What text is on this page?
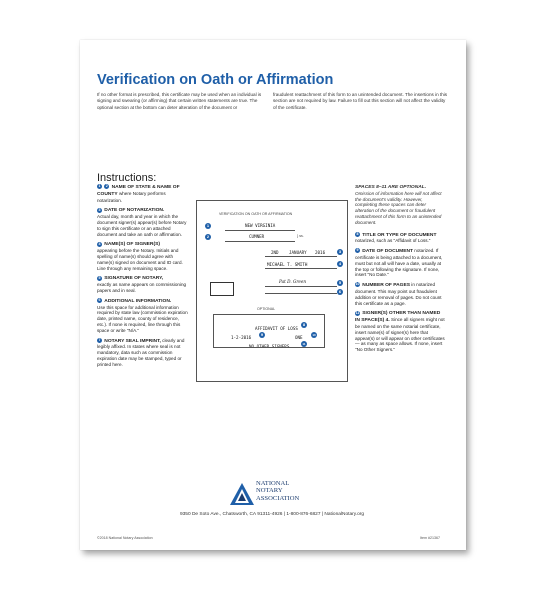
Verification on Oath or Affirmation
If no other format is prescribed, this certificate may be used when an individual is signing and swearing (or affirming) that certain written statements are true. The optional section at the bottom can deter alteration of the document or
fraudulent reattachment of this form to an unintended document. The insertions in this section are not required by law. Failure to fill out this section will not affect the validity of the certificate.
Instructions:
1 2 NAME OF STATE & NAME OF COUNTY where Notary performs notarization.
3 DATE OF NOTARIZATION.
Actual day, month and year in which the document signer(s) appear(s) before Notary to sign this certificate or an attached document and take an oath or affirmation.
4 NAME(S) OF SIGNER(S)
appearing before the Notary. Initials and spelling of name(s) should agree with name(s) signed on document and ID card. Line through any remaining space.
5 SIGNATURE OF NOTARY,
exactly as name appears on commissioning papers and in seal.
6 ADDITIONAL INFORMATION.
Use this space for additional information required by state law (commission expiration date, printed name, county of residence, etc.). If none is required, line through this space or write "N/A."
7 NOTARY SEAL IMPRINT, clearly and legibly affixed. In states where seal is not mandatory, data such as commission expiration date may be stamped, typed or printed here.
VERIFICATION ON OATH OR AFFIRMATION
1	NEW VIRGINIA
2	CUMNER	} ss.
2ND JANUARY 2016	3
MICHAEL T. SMITH	4
Pat D. Green	5
6
OPTIONAL
AFFIDAVIT OF LOSS
8
1-2-2016
9
ONE	10
NO OTHER SIGNERS	11
SPACES 8–11 ARE OPTIONAL. Omission of information here will not affect the document's validity. However, completing these spaces can deter alteration of the document or fraudulent reattachment of this form to an unintended document.
8 TITLE OR TYPE OF DOCUMENT notarized, such as "Affidavit of Loss."
9 DATE OF DOCUMENT notarized. If certificate is being attached to a document, must but not all will have a date, usually at the top or following the signature. If none, insert "No Date."
10 NUMBER OF PAGES in notarized document. This may point out fraudulent addition or removal of pages. Do not count this certificate as a page.
11 SIGNER(S) OTHER THAN NAMED IN SPACE(S) 4. Since all signers might not be named on the same notarial certificate, insert name(s) of signer(s) here that appear(s) or will appear on other certificates — as many as space allows. If none, insert "No Other Signers."
NATIONAL
NOTARY
ASSOCIATION
9350 De Soto Ave., Chatsworth, CA 91311-4926 | 1-800-876-6827 | NationalNotary.org
©2018 National Notary Association	Item #21367
